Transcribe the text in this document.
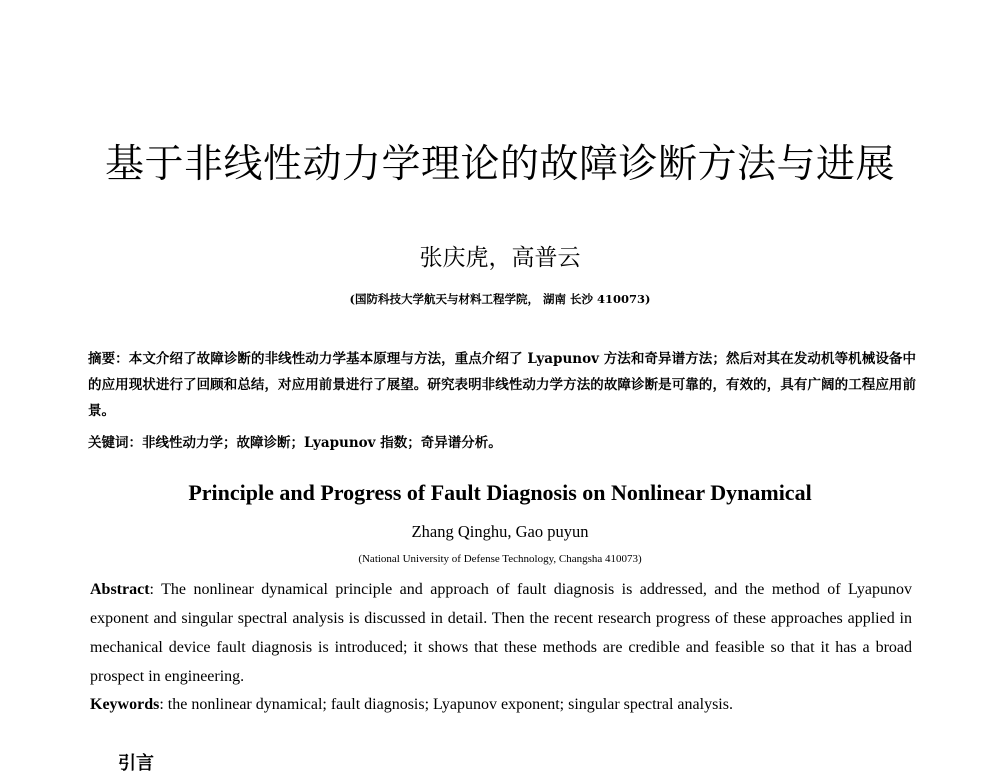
基于非线性动力学理论的故障诊断方法与进展
张庆虎，高普云
(国防科技大学航天与材料工程学院， 湖南 长沙 410073)
摘要：本文介绍了故障诊断的非线性动力学基本原理与方法，重点介绍了 Lyapunov 方法和奇异谱方法；然后对其在发动机等机械设备中的应用现状进行了回顾和总结，对应用前景进行了展望。研究表明非线性动力学方法的故障诊断是可靠的，有效的，具有广阔的工程应用前景。
关键词：非线性动力学；故障诊断；Lyapunov 指数；奇异谱分析。
Principle and Progress of Fault Diagnosis on Nonlinear Dynamical
Zhang Qinghu, Gao puyun
(National University of Defense Technology, Changsha 410073)
Abstract: The nonlinear dynamical principle and approach of fault diagnosis is addressed, and the method of Lyapunov exponent and singular spectral analysis is discussed in detail. Then the recent research progress of these approaches applied in mechanical device fault diagnosis is introduced; it shows that these methods are credible and feasible so that it has a broad prospect in engineering.
Keywords: the nonlinear dynamical; fault diagnosis; Lyapunov exponent; singular spectral analysis.
引言
